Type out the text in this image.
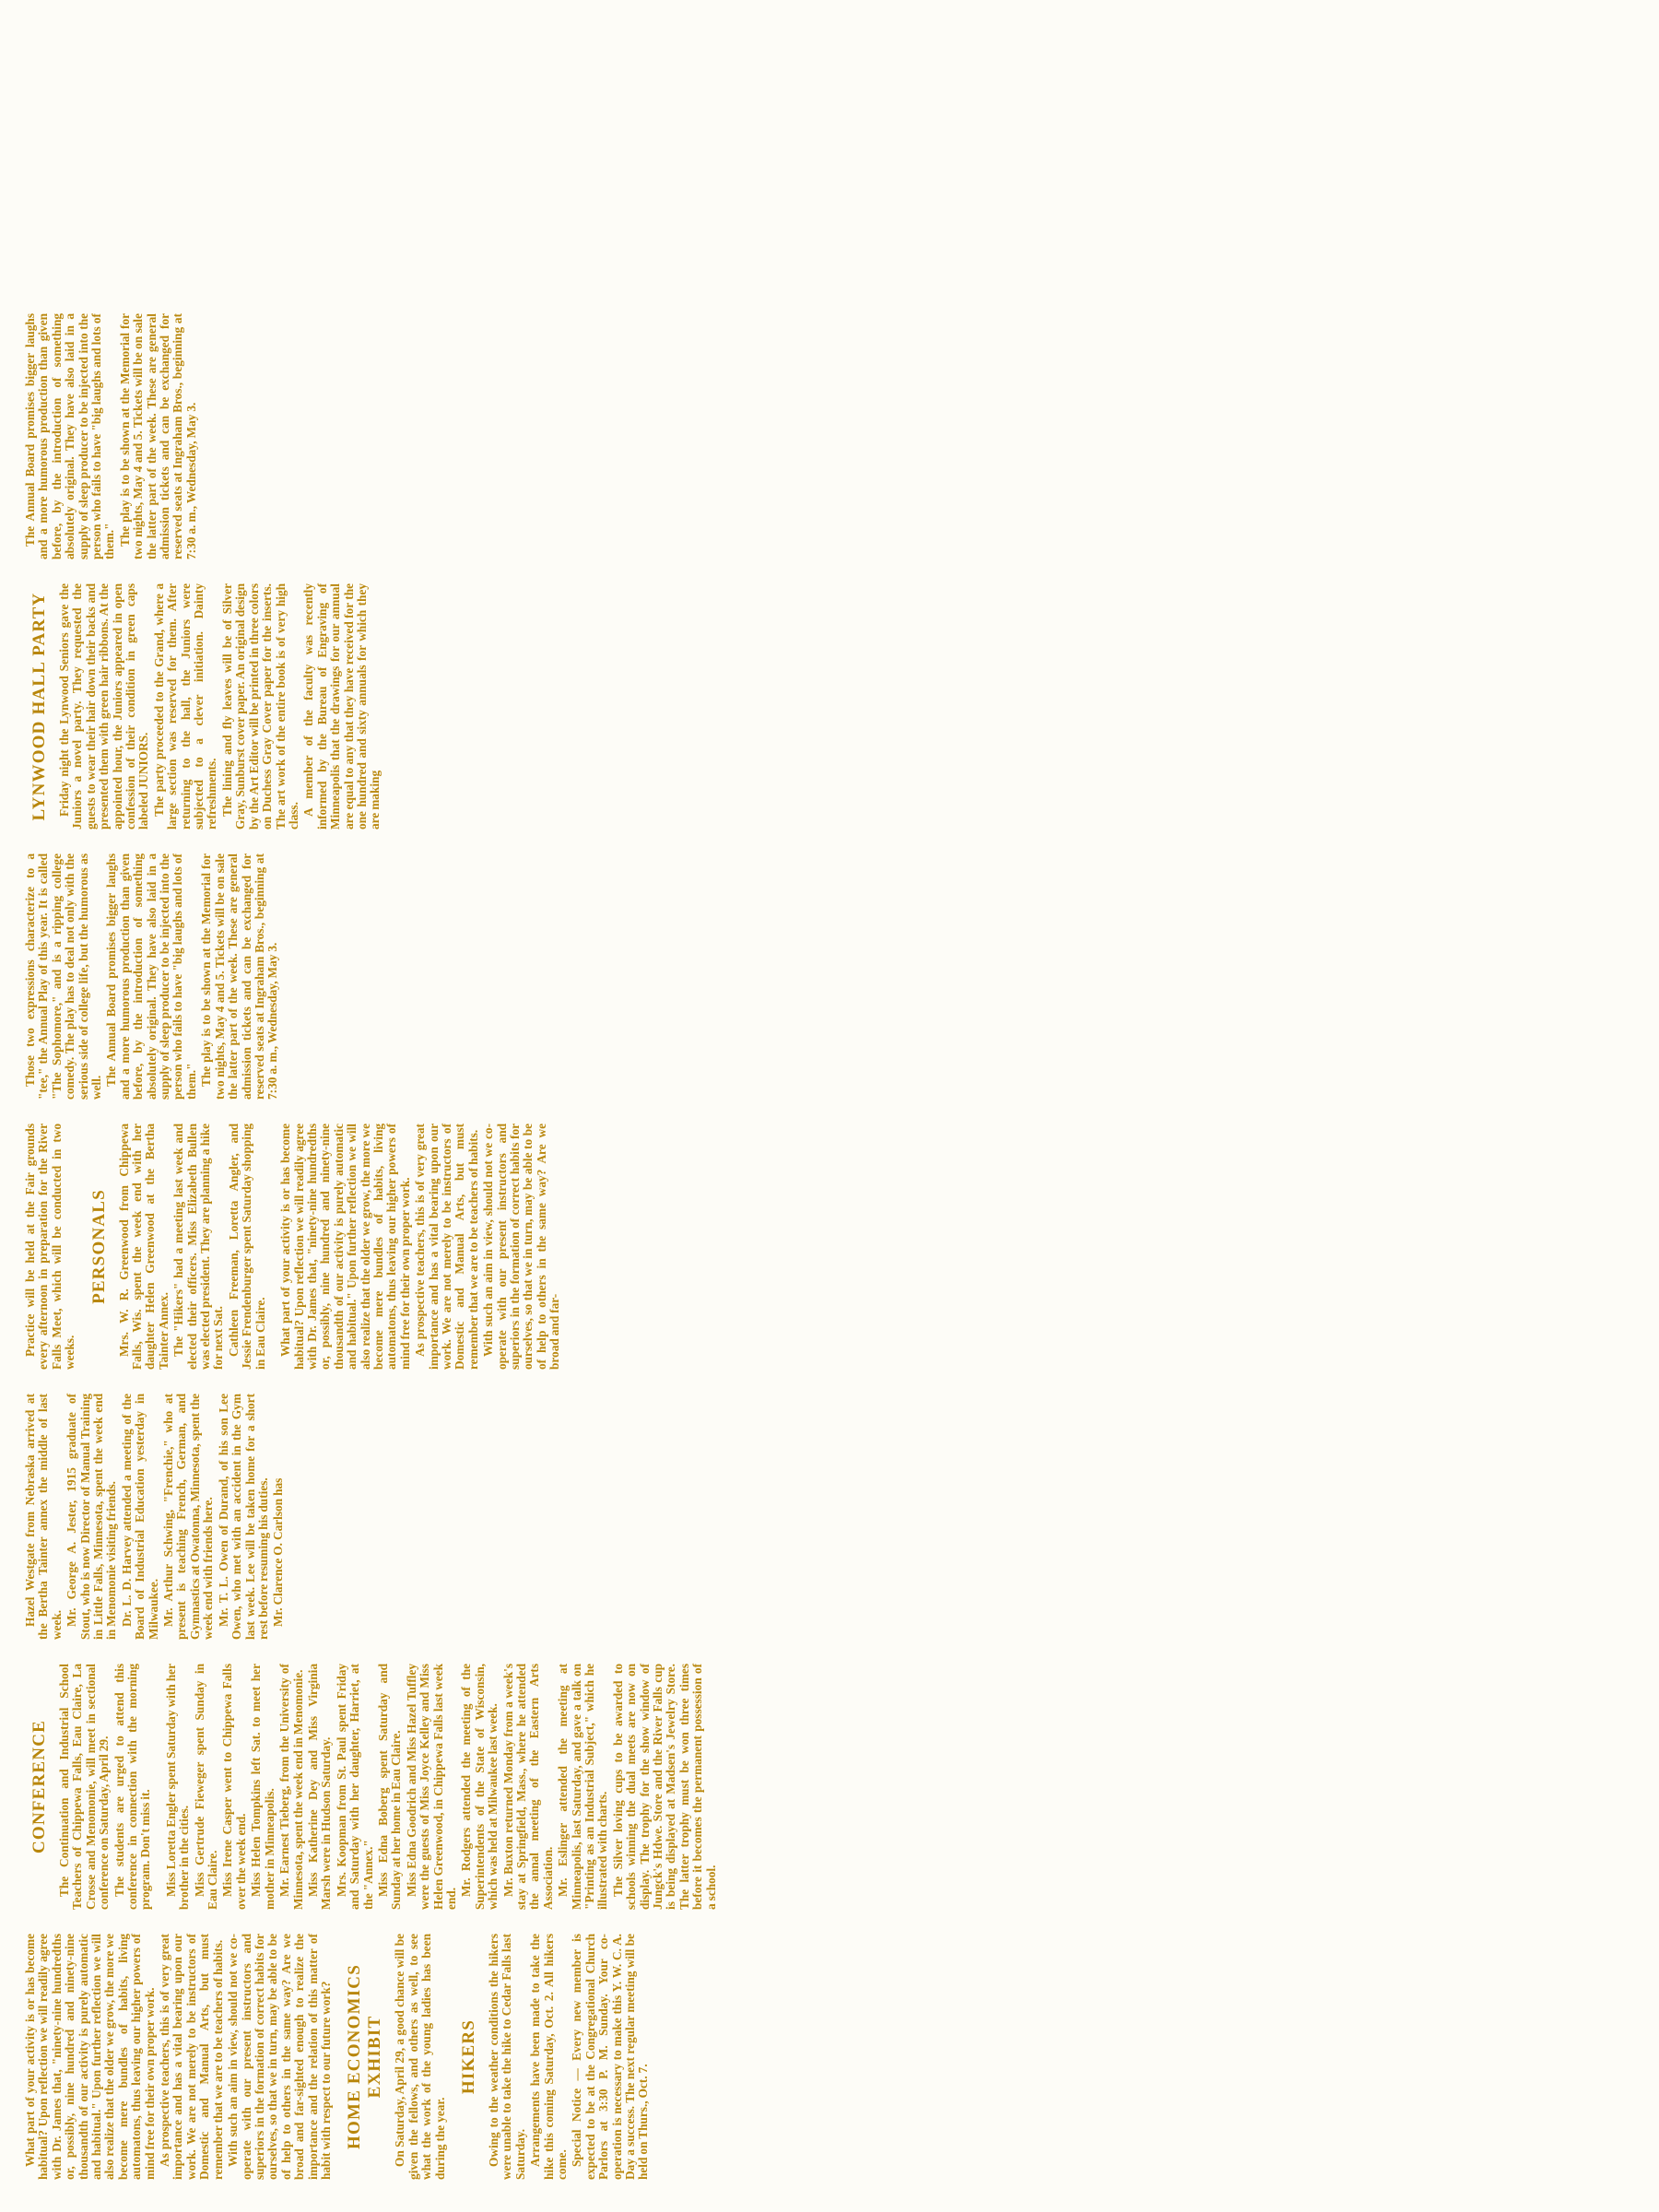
What part of your activity is or has become habitual? Upon reflection we will readily agree with Dr. James that, "ninety-nine hundredths or, possibly, nine hundred and ninety-nine thousandth of our activity is purely automatic and habitual." Upon further reflection we will also realize that the older we grow, the more we become mere bundles of habits, living automatons, thus leaving our higher powers of mind free for their own proper work. As prospective teachers, this is of very great importance and has a vital bearing upon our work. We are not merely to be instructors of Domestic and Manual Arts, but must remember that we are to be teachers of habits. With such an aim in view, should not we co-operate with our present instructors and superiors in the formation of correct habits for ourselves, so that we in turn, may be able to be of help to others in the same way? Are we broad and far-sighted enough to realize the importance and the relation of this matter of habit with respect to our future work? HOME ECONOMICS EXHIBIT On Saturday, April 29, a good chance will be given the fellows, and others as well, to see what the work of the young ladies has been during the year.

HIKERS Owing to the weather conditions the hikers were unable to take the hike to Cedar Falls last Saturday. Arrangements have been made to take the hike this coming Saturday, Oct. 2. All hikers come. Special Notice — Every new member is expected to be at the Congregational Church Parlors at 3:30 P. M. Sunday. Your co-operation is necessary to make this Y. W. C. A. Day a success. The next regular meeting will be held on Thurs., Oct. 7.

CONFERENCE The Continuation and Industrial School Teachers of Chippewa Falls, Eau Claire, La Crosse and Menomonie, will meet in sectional conference on Saturday, April 29. The students are urged to attend this conference in connection with the morning program. Don't miss it. Miss Loretta Engler spent Saturday with her brother in the cities. Miss Gertrude Fieweger spent Sunday in Eau Claire. Miss Irene Casper went to Chippewa Falls over the week end. Miss Helen Tompkins left Sat. to meet her mother in Minneapolis. Mr. Earnest Tieberg, from the University of Minnesota, spent the week end in Menomonie. Miss Katherine Dey and Miss Virginia Marsh were in Hudson Saturday. Mrs. Koopman from St. Paul spent Friday and Saturday with her daughter, Harriet, at the "Annex." Miss Edna Boberg spent Saturday and Sunday at her home in Eau Claire. Miss Edna Goodrich and Miss Hazel Tuffley were the guests of Miss Joyce Kelley and Miss Helen Greenwood, in Chippewa Falls last week end.

Mr. Rodgers attended the meeting of the Superintendents of the State of Wisconsin, which was held at Milwaukee last week. Mr. Buxton returned Monday from a week's stay at Springfield, Mass., where he attended the annal meeting of the Eastern Arts Association. Mr. Eslinger attended the meeting at Minneapolis, last Saturday, and gave a talk on "Printing as an Industrial Subject," which he illustrated with charts. The Silver loving cups to be awarded to schools winning the dual meets are now on display. The trophy for the show window of Jungck's Hdwe. Store and the River Falls cup is being displayed at Madsen's Jewelry Store. The latter trophy must be won three times before it becomes the permanent possession of a school.

Hazel Westgate from Nebraska arrived at the Bertha Tainter annex the middle of last week. Mr. George A. Jester, 1915 graduate of Stout, who is now Director of Manual Training in Little Falls, Minnesota, spent the week end in Menomonie visiting friends. Dr. L. D. Harvey attended a meeting of the Board of Industrial Education yesterday in Milwaukee. Mr. Arthur Schwing, "Frenchie," who at present is teaching French, German, and Gymnastics at Owatonna, Minnesota, spent the week end with friends here. Mr. T. L. Owen of Durand, of his son Lee Owen, who met with an accident in the Gym last week. Lee will be taken home for a short rest before resuming his duties. Mr. Clarence O. Carlson has

Practice will be held at the Fair grounds every afternoon in preparation for the River Falls Meet, which will be conducted in two weeks.

PERSONALS Mrs. W. R. Greenwood from Chippewa Falls, Wis. spent the week end with her daughter Helen Greenwood at the Bertha Tainter Annex. The "Hikers" had a meeting last week and elected their officers. Miss Elizabeth Bullen was elected president. They are planning a hike for next Sat. Cathleen Freeman, Loretta Angler, and Jessie Frendenburger spent Saturday shopping in Eau Claire. What part of your activity is or has become habitual? Upon reflection we will readily agree with Dr. James that, "ninety-nine hundredths or, possibly, nine hundred and ninety-nine thousandth of our activity is purely automatic and habitual." Upon further reflection we will also realize that the older we grow, the more we become mere bundles of habits, living automatons, thus leaving our higher powers of mind free for their own proper work. As prospective teachers, this is of very great importance and has a vital bearing upon our work. We are not merely to be instructors of Domestic and Manual Arts, but must remember that we are to be teachers of habits. With such an aim in view, should not we co-operate with our present instructors and superiors in the formation of correct habits for ourselves, so that we in turn, may be able to be of help to others in the same way? Are we broad and far-

Those two expressions characterize to a "tee," the Annual Play of this year. It is called "The Sophomore," and is a ripping college comedy. The play has to deal not only with the serious side of college life, but the humorous as well.

The Annual Board promises bigger laughs and a more humorous production than given before, by the introduction of something absolutely original. They have also laid in a supply of sleep producer to be injected into the person who fails to have "big laughs and lots of them." The play is to be shown at the Memorial for two nights, May 4 and 5. Tickets will be on sale the latter part of the week. These are general admission tickets and can be exchanged for reserved seats at Ingraham Bros., beginning at 7:30 a. m., Wednesday, May 3.

LYNWOOD HALL PARTY Friday night the Lynwood Seniors gave the Juniors a novel party. They requested the guests to wear their hair down their backs and presented them with green hair ribbons. At the appointed hour, the Juniors appeared in open confession of their condition in green caps labeled JUNIORS. The party proceeded to the Grand, where a large section was reserved for them. After returning to the hall, the Juniors were subjected to a clever initiation. Dainty refreshments. The lining and fly leaves will be of Silver Gray, Sunburst cover paper. An original design by the Art Editor will be printed in three colors on Duchess Gray Cover paper for the inserts. The art work of the entire book is of very high class. A member of the faculty was recently informed by the Bureau of Engraving of Minneapolis that the drawings for our annual are equal to any that they have received for the one hundred and sixty annuals for which they are making

The Annual Board promises bigger laughs and a more humorous production than given before, by the introduction of something absolutely original. They have also laid in a supply of sleep producer to be injected into the person who fails to have "big laughs and lots of them." The play is to be shown at the Memorial for two nights, May 4 and 5. Tickets will be on sale the latter part of the week. These are general admission tickets and can be exchanged for reserved seats at Ingraham Bros., beginning at 7:30 a. m., Wednesday, May 3.
